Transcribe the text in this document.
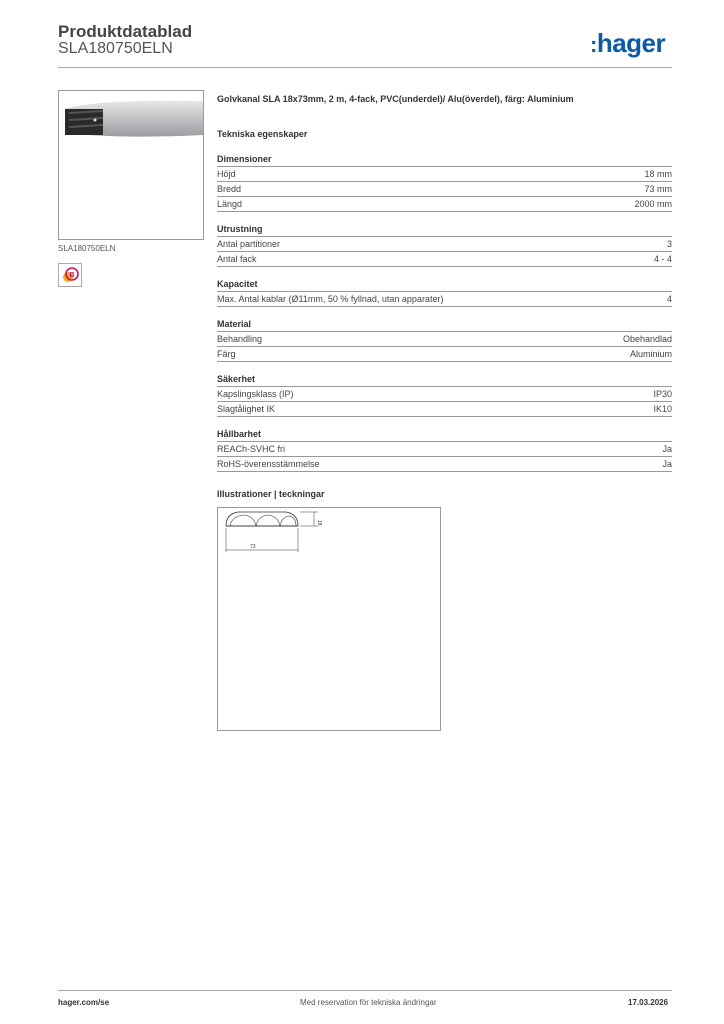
Produktdatablad
SLA180750ELN	:hager
SLA180750ELN
B
Golvkanal SLA 18x73mm, 2 m, 4-fack, PVC(underdel)/ Alu(överdel), färg: Aluminium
Tekniska egenskaper
Dimensioner
Höjd	18 mm
Bredd	73 mm
Längd	2000 mm
Utrustning
Antal partitioner	3
Antal fack	4 - 4
Kapacitet
Max. Antal kablar (Ø11mm, 50 % fyllnad, utan apparater)	4
Material
Behandling	Obehandlad
Färg	Aluminium
Säkerhet
Kapslingsklass (IP)	IP30
Slagtålighet IK	IK10
Hållbarhet
REACh-SVHC fri	Ja
RoHS-överensstämmelse	Ja
Illustrationer | teckningar
73
18
hager.com/se	Med reservation för tekniska ändringar	17.03.2026
